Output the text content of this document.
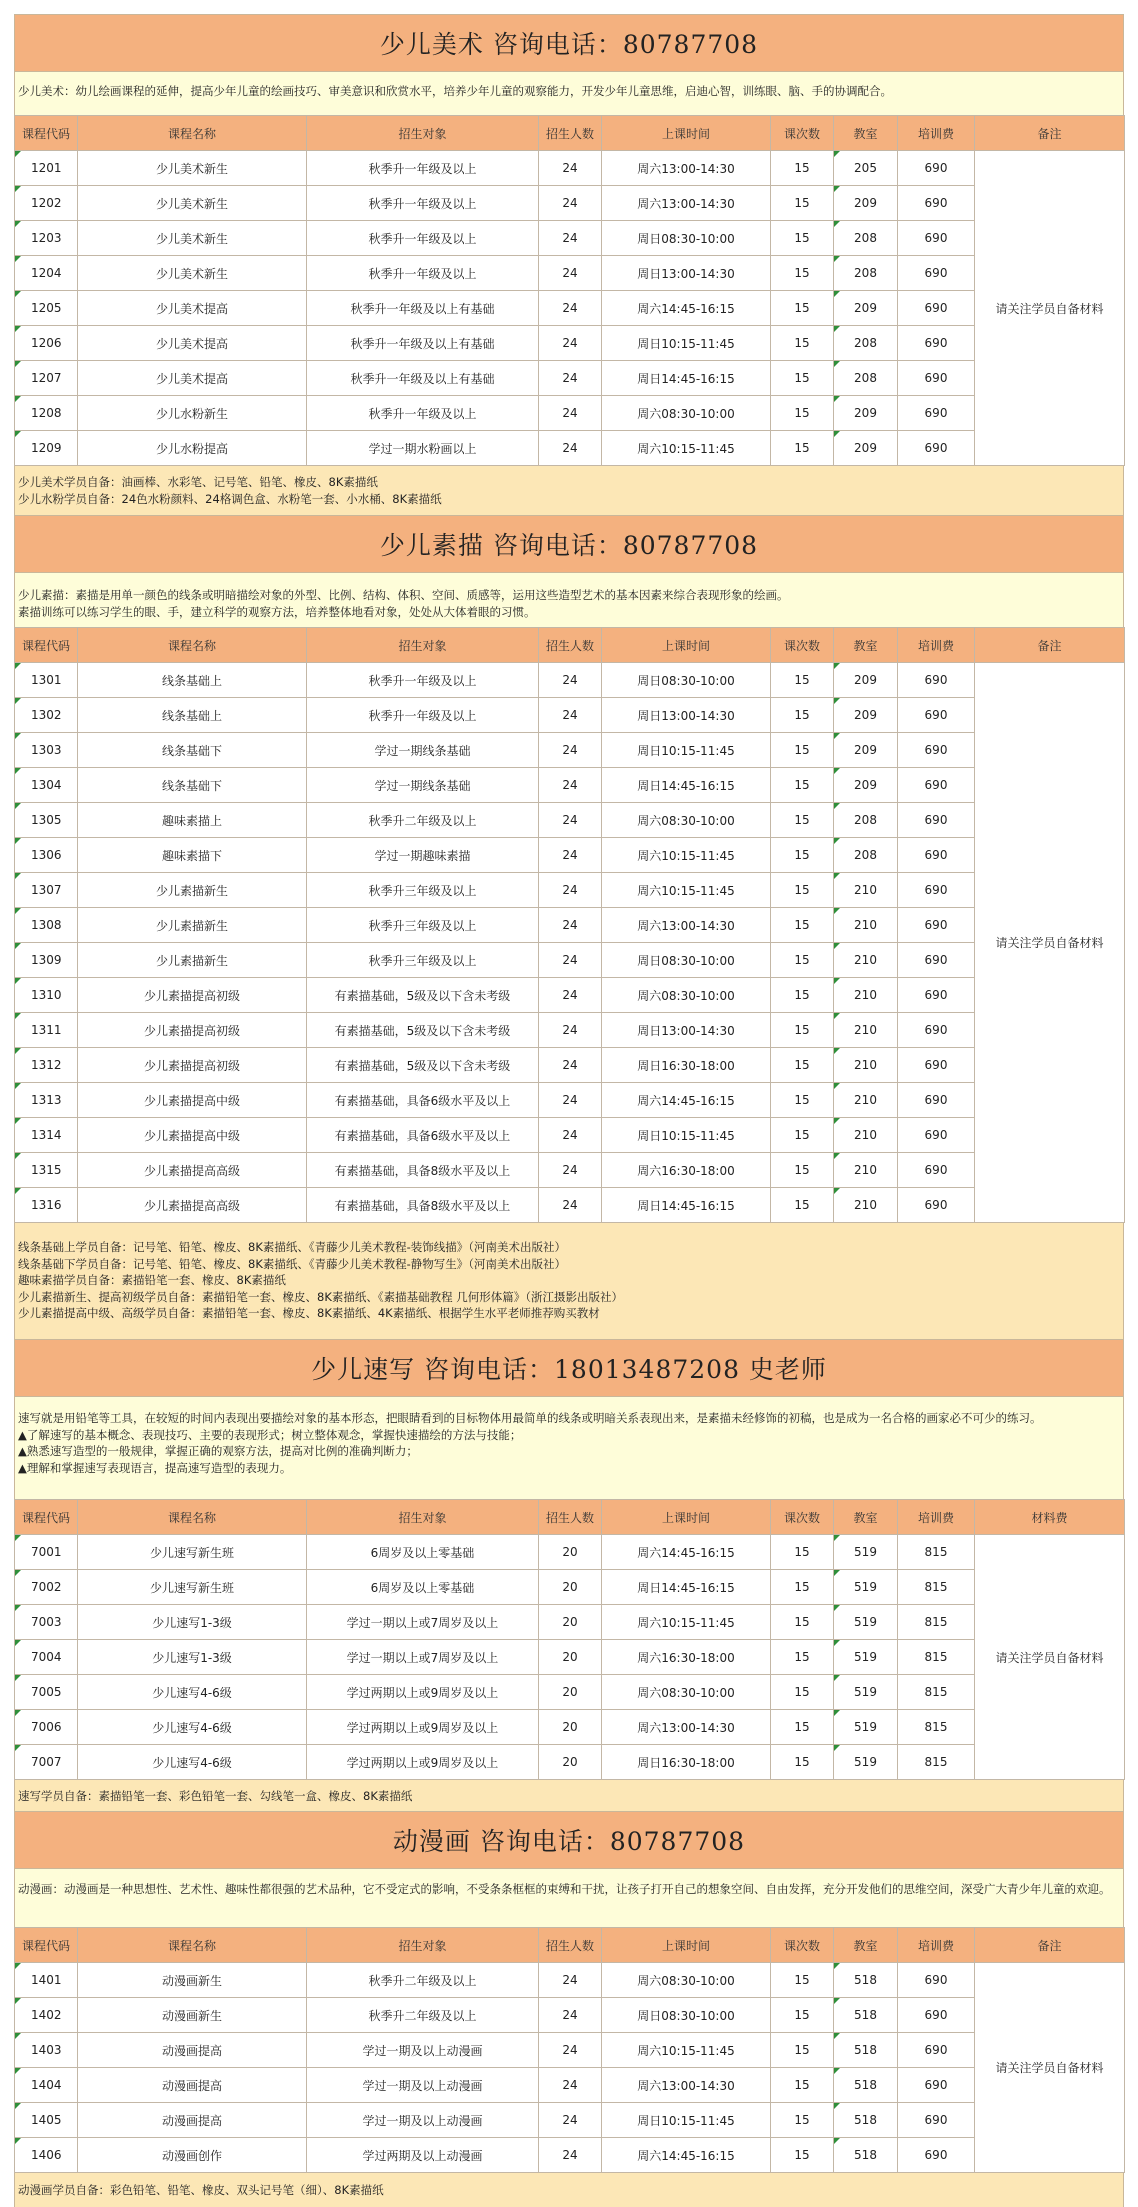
少儿美术 咨询电话：80787708
少儿美术：幼儿绘画课程的延伸，提高少年儿童的绘画技巧、审美意识和欣赏水平，培养少年儿童的观察能力，开发少年儿童思维，启迪心智，训练眼、脑、手的协调配合。
课程代码	课程名称	招生对象	招生人数	上课时间	课次数	教室	培训费	备注
1201	少儿美术新生	秋季升一年级及以上	24	周六13:00-14:30	15	205	690	请关注学员自备材料
1202	少儿美术新生	秋季升一年级及以上	24	周六13:00-14:30	15	209	690	
1203	少儿美术新生	秋季升一年级及以上	24	周日08:30-10:00	15	208	690	
1204	少儿美术新生	秋季升一年级及以上	24	周日13:00-14:30	15	208	690	
1205	少儿美术提高	秋季升一年级及以上有基础	24	周六14:45-16:15	15	209	690	
1206	少儿美术提高	秋季升一年级及以上有基础	24	周日10:15-11:45	15	208	690	
1207	少儿美术提高	秋季升一年级及以上有基础	24	周日14:45-16:15	15	208	690	
1208	少儿水粉新生	秋季升一年级及以上	24	周六08:30-10:00	15	209	690	
1209	少儿水粉提高	学过一期水粉画以上	24	周六10:15-11:45	15	209	690	
少儿美术学员自备：油画棒、水彩笔、记号笔、铅笔、橡皮、8K素描纸
少儿水粉学员自备：24色水粉颜料、24格调色盒、水粉笔一套、小水桶、8K素描纸
少儿素描 咨询电话：80787708
少儿素描：素描是用单一颜色的线条或明暗描绘对象的外型、比例、结构、体积、空间、质感等，运用这些造型艺术的基本因素来综合表现形象的绘画。
素描训练可以练习学生的眼、手，建立科学的观察方法，培养整体地看对象，处处从大体着眼的习惯。
课程代码	课程名称	招生对象	招生人数	上课时间	课次数	教室	培训费	备注
1301	线条基础上	秋季升一年级及以上	24	周日08:30-10:00	15	209	690	请关注学员自备材料
1302	线条基础上	秋季升一年级及以上	24	周日13:00-14:30	15	209	690	
1303	线条基础下	学过一期线条基础	24	周日10:15-11:45	15	209	690	
1304	线条基础下	学过一期线条基础	24	周日14:45-16:15	15	209	690	
1305	趣味素描上	秋季升二年级及以上	24	周六08:30-10:00	15	208	690	
1306	趣味素描下	学过一期趣味素描	24	周六10:15-11:45	15	208	690	
1307	少儿素描新生	秋季升三年级及以上	24	周六10:15-11:45	15	210	690	
1308	少儿素描新生	秋季升三年级及以上	24	周六13:00-14:30	15	210	690	
1309	少儿素描新生	秋季升三年级及以上	24	周日08:30-10:00	15	210	690	
1310	少儿素描提高初级	有素描基础，5级及以下含未考级	24	周六08:30-10:00	15	210	690	
1311	少儿素描提高初级	有素描基础，5级及以下含未考级	24	周日13:00-14:30	15	210	690	
1312	少儿素描提高初级	有素描基础，5级及以下含未考级	24	周日16:30-18:00	15	210	690	
1313	少儿素描提高中级	有素描基础，具备6级水平及以上	24	周六14:45-16:15	15	210	690	
1314	少儿素描提高中级	有素描基础，具备6级水平及以上	24	周日10:15-11:45	15	210	690	
1315	少儿素描提高高级	有素描基础，具备8级水平及以上	24	周六16:30-18:00	15	210	690	
1316	少儿素描提高高级	有素描基础，具备8级水平及以上	24	周日14:45-16:15	15	210	690	
线条基础上学员自备：记号笔、铅笔、橡皮、8K素描纸、《青藤少儿美术教程-装饰线描》（河南美术出版社）
线条基础下学员自备：记号笔、铅笔、橡皮、8K素描纸、《青藤少儿美术教程-静物写生》（河南美术出版社）
趣味素描学员自备：素描铅笔一套、橡皮、8K素描纸
少儿素描新生、提高初级学员自备：素描铅笔一套、橡皮、8K素描纸、《素描基础教程 几何形体篇》（浙江摄影出版社）
少儿素描提高中级、高级学员自备：素描铅笔一套、橡皮、8K素描纸、4K素描纸、根据学生水平老师推荐购买教材
少儿速写 咨询电话：18013487208 史老师
速写就是用铅笔等工具，在较短的时间内表现出要描绘对象的基本形态，把眼睛看到的目标物体用最简单的线条或明暗关系表现出来，是素描未经修饰的初稿，也是成为一名合格的画家必不可少的练习。
▲了解速写的基本概念、表现技巧、主要的表现形式；树立整体观念，掌握快速描绘的方法与技能；
▲熟悉速写造型的一般规律，掌握正确的观察方法，提高对比例的准确判断力；
▲理解和掌握速写表现语言，提高速写造型的表现力。
课程代码	课程名称	招生对象	招生人数	上课时间	课次数	教室	培训费	材料费
7001	少儿速写新生班	6周岁及以上零基础	20	周六14:45-16:15	15	519	815	请关注学员自备材料
7002	少儿速写新生班	6周岁及以上零基础	20	周日14:45-16:15	15	519	815	
7003	少儿速写1-3级	学过一期以上或7周岁及以上	20	周六10:15-11:45	15	519	815	
7004	少儿速写1-3级	学过一期以上或7周岁及以上	20	周六16:30-18:00	15	519	815	
7005	少儿速写4-6级	学过两期以上或9周岁及以上	20	周六08:30-10:00	15	519	815	
7006	少儿速写4-6级	学过两期以上或9周岁及以上	20	周六13:00-14:30	15	519	815	
7007	少儿速写4-6级	学过两期以上或9周岁及以上	20	周日16:30-18:00	15	519	815	
速写学员自备：素描铅笔一套、彩色铅笔一套、勾线笔一盒、橡皮、8K素描纸
动漫画 咨询电话：80787708
动漫画：动漫画是一种思想性、艺术性、趣味性都很强的艺术品种，它不受定式的影响，不受条条框框的束缚和干扰，让孩子打开自己的想象空间、自由发挥，充分开发他们的思维空间，深受广大青少年儿童的欢迎。
课程代码	课程名称	招生对象	招生人数	上课时间	课次数	教室	培训费	备注
1401	动漫画新生	秋季升二年级及以上	24	周六08:30-10:00	15	518	690	请关注学员自备材料
1402	动漫画新生	秋季升二年级及以上	24	周日08:30-10:00	15	518	690	
1403	动漫画提高	学过一期及以上动漫画	24	周六10:15-11:45	15	518	690	
1404	动漫画提高	学过一期及以上动漫画	24	周六13:00-14:30	15	518	690	
1405	动漫画提高	学过一期及以上动漫画	24	周日10:15-11:45	15	518	690	
1406	动漫画创作	学过两期及以上动漫画	24	周六14:45-16:15	15	518	690	
动漫画学员自备：彩色铅笔、铅笔、橡皮、双头记号笔（细）、8K素描纸
